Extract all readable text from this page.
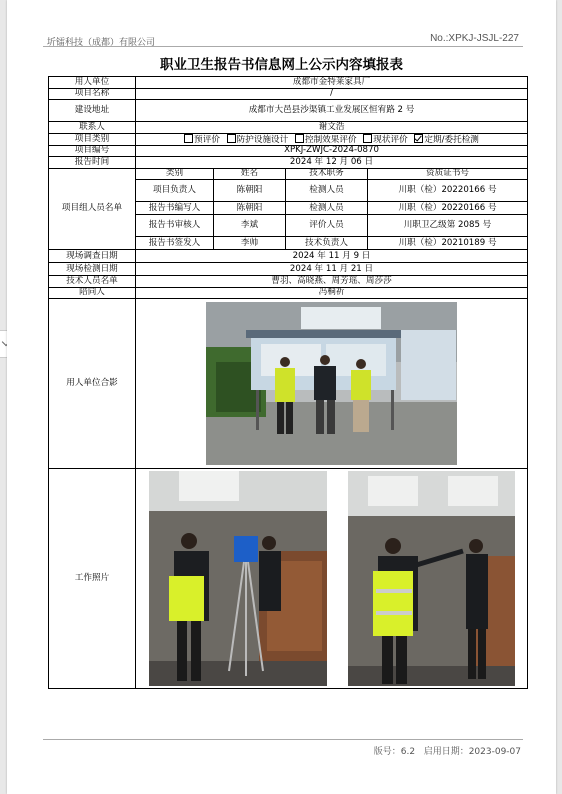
圻镭科技（成都）有限公司	No.:XPKJ-JSJL-227
职业卫生报告书信息网上公示内容填报表
用人单位	成都市金特莱家具厂			
项目名称	/			
建设地址	成都市大邑县沙渠镇工业发展区恒宥路 2 号			
联系人	谢文浩			
项目类别	预评价 防护设施设计 控制效果评价 现状评价 定期/委托检测			
项目编号	XPKJ-ZWJC-2024-0870			
报告时间	2024 年 12 月 06 日			
项目组人员名单	类别	姓名	技术职务	资质证书号
	项目负责人	陈朝阳	检测人员	川职（检）20220166 号
	报告书编写人	陈朝阳	检测人员	川职（检）20220166 号
	报告书审核人	李斌	评价人员	川职卫乙级第 2085 号
	报告书签发人	李帅	技术负责人	川职（检）20210189 号
现场调查日期	2024 年 11 月 9 日			
现场检测日期	2024 年 11 月 21 日			
技术人员名单	曹羽、高晓燕、周芳瑶、周莎莎			
陪同人	冯桐祈			
用人单位合影	

工作照片	
版号：6.2 启用日期：2023-09-07
